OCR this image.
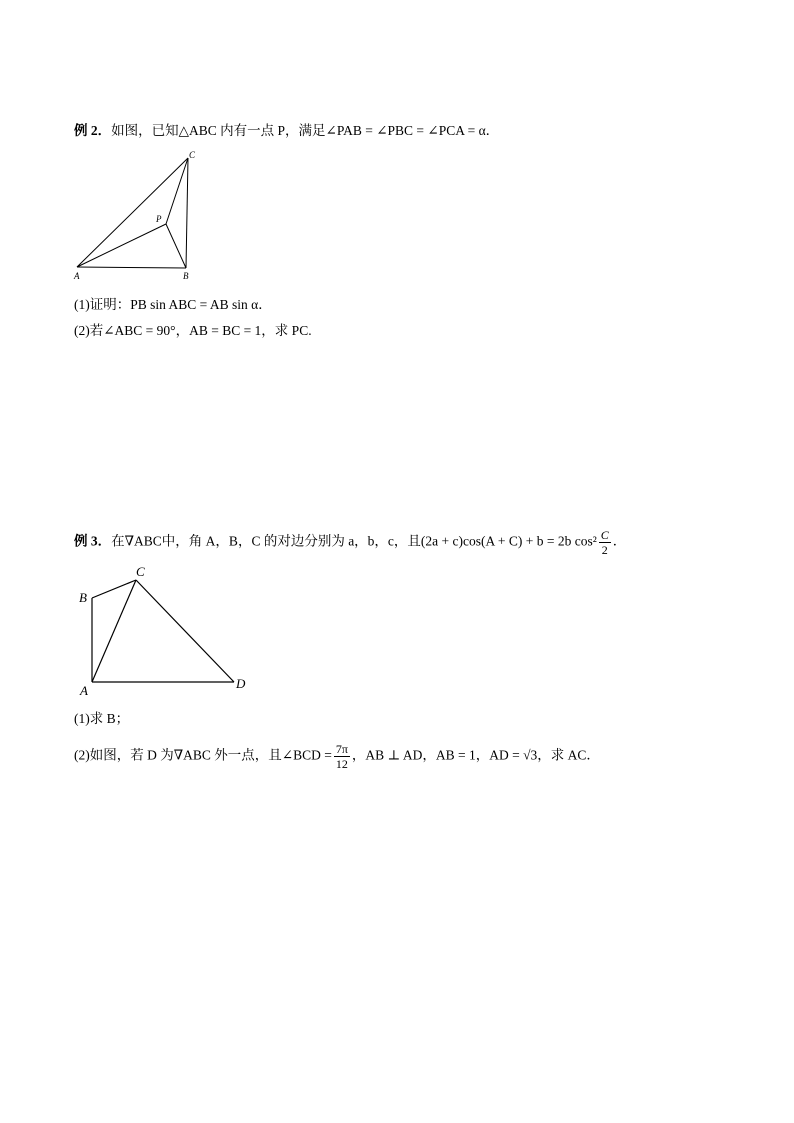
例 2．如图，已知△ABC 内有一点 P，满足∠PAB = ∠PBC = ∠PCA = α．
A	B
C
P
(1)证明：PB sin ABC = AB sin α．
(2)若∠ABC = 90°，AB = BC = 1，求 PC.
例 3．在∇ABC中，角 A，B，C 的对边分别为 a，b，c，且(2a + c)cos(A + C) + b = 2b $\cos^2 \frac{C}{2}$ ．
A
B
C
D
(1)求 B；
(2)如图，若 D 为∇ABC 外一点，且∠BCD = $\frac{7\pi}{12}$ ，AB ⊥ AD，AB = 1，AD = √3，求 AC．
